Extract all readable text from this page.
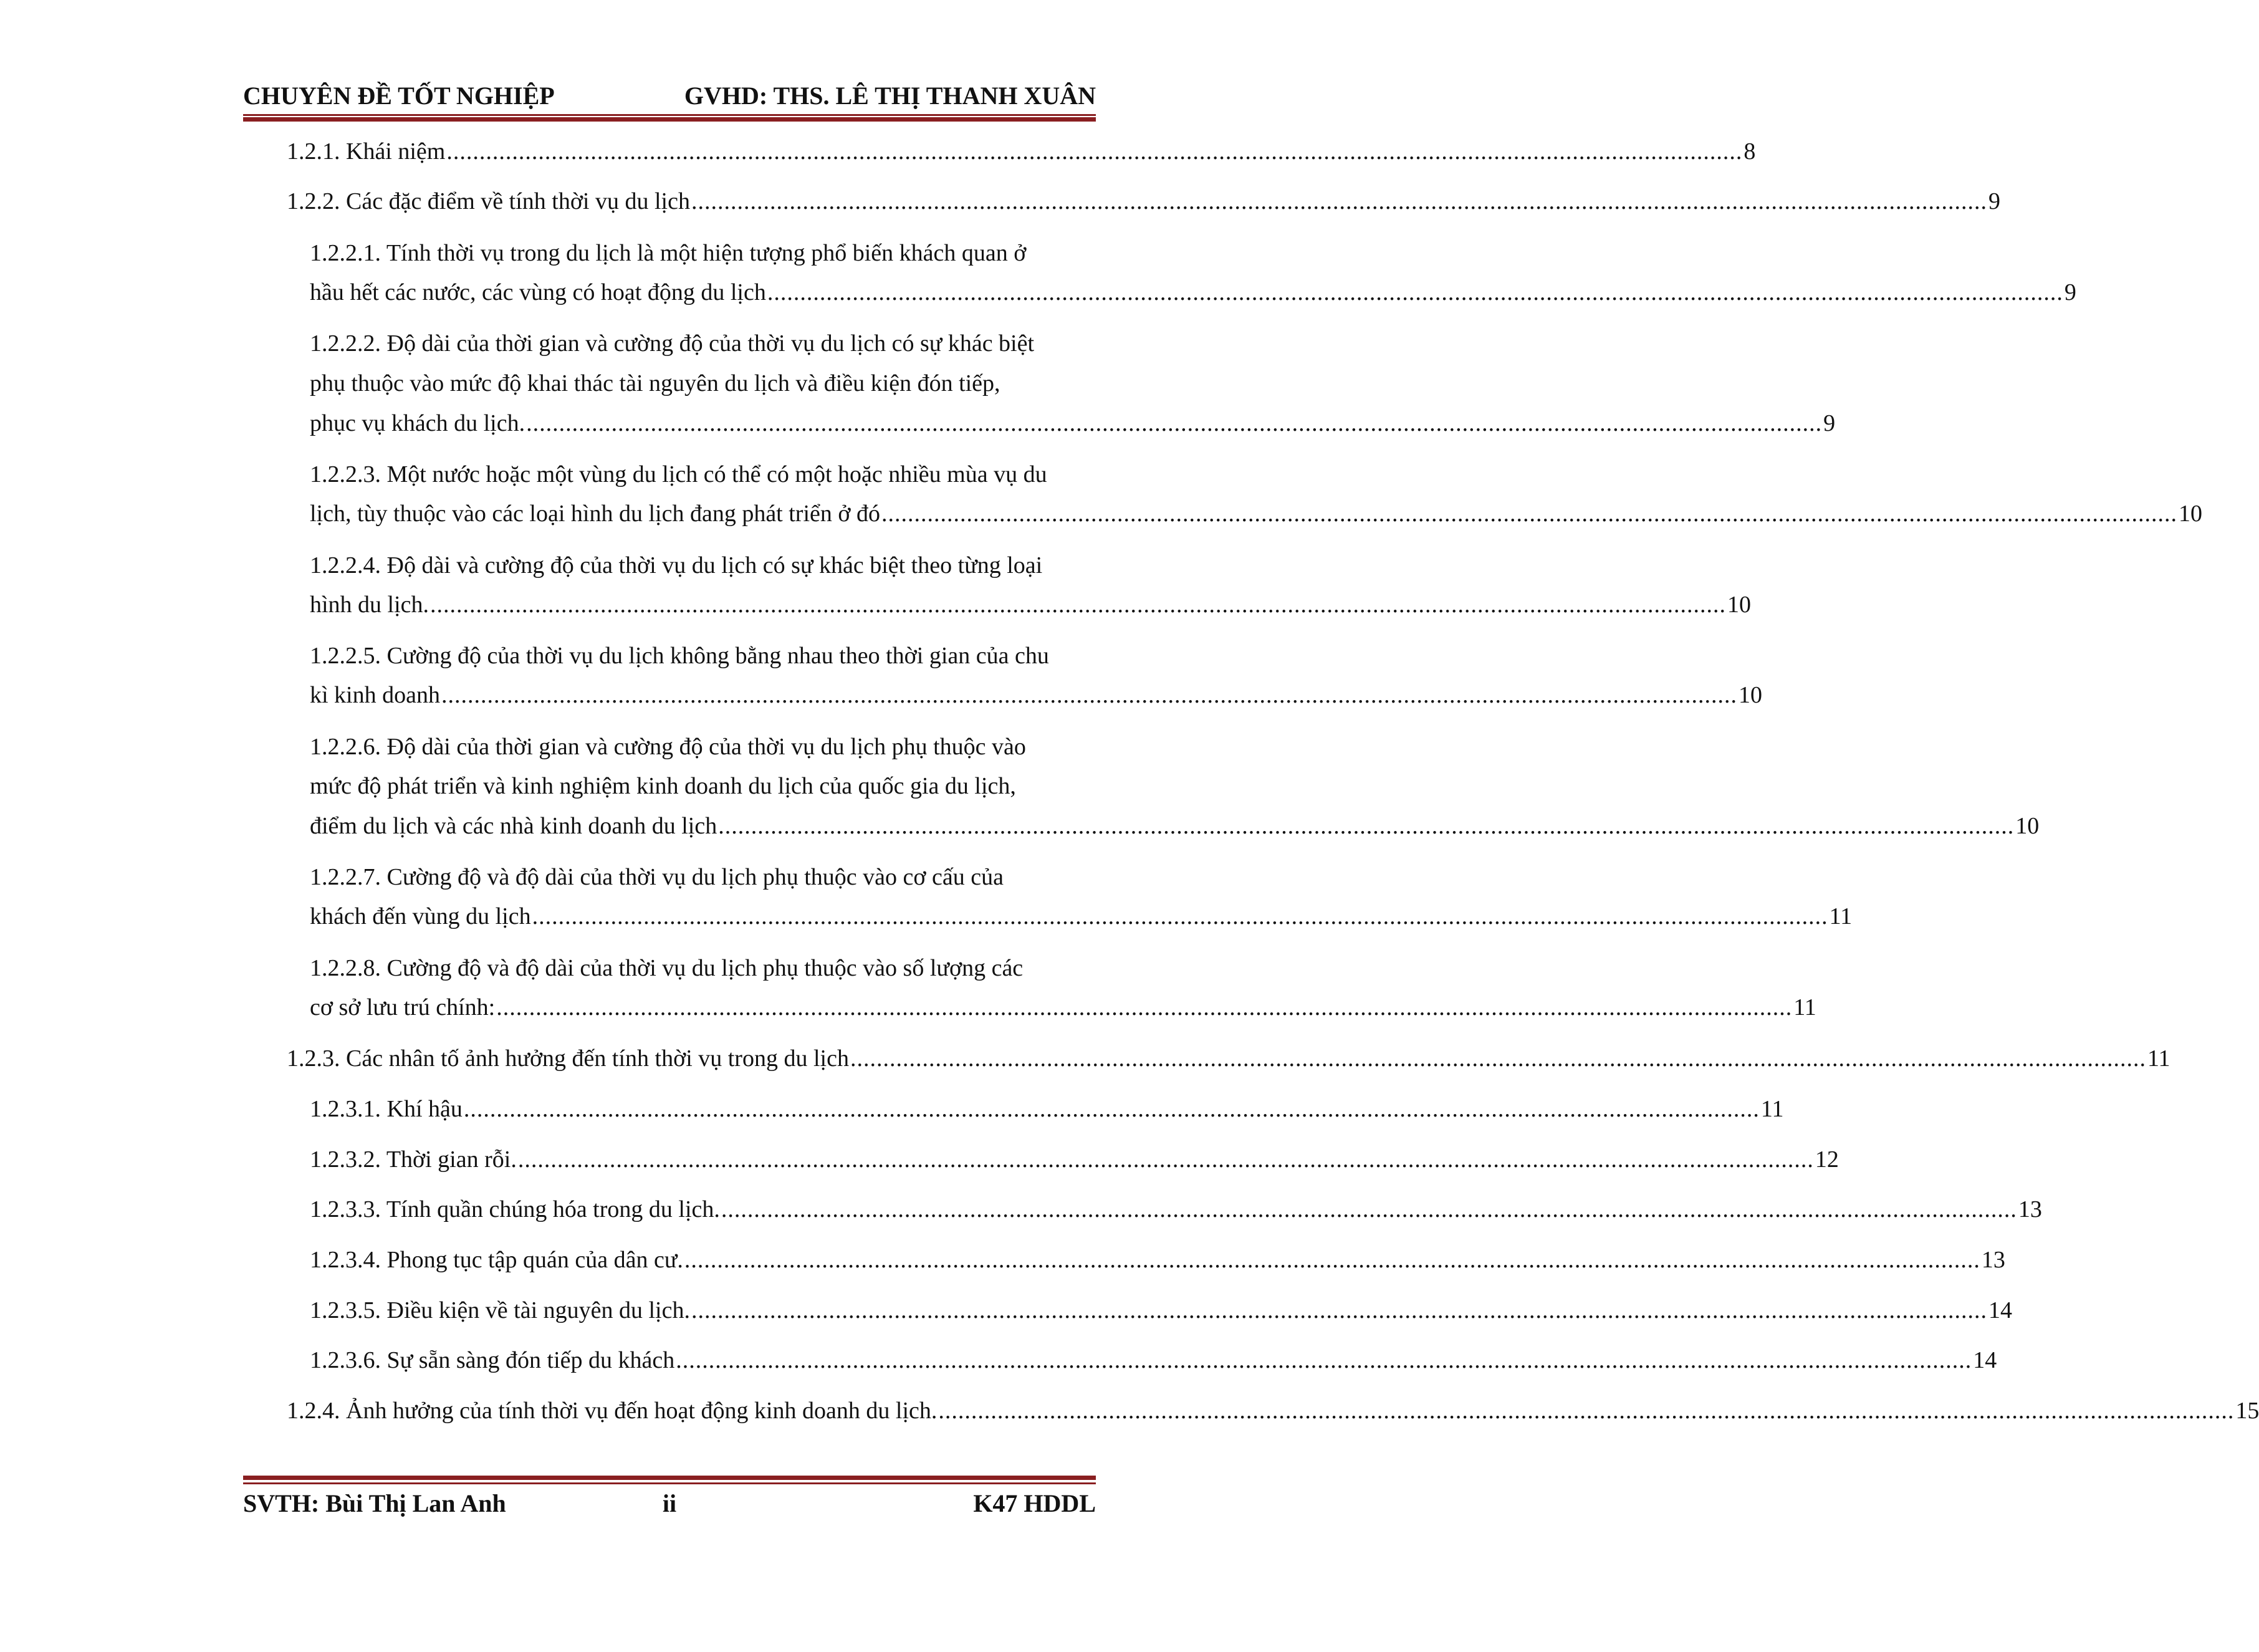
CHUYÊN ĐỀ TỐT NGHIỆP	GVHD: THS. LÊ THỊ THANH XUÂN
1.2.1. Khái niệm ...................................................................................................................................................................................................... 8
1.2.2. Các đặc điểm về tính thời vụ du lịch ...................................................................................................................................................................................................... 9
1.2.2.1. Tính thời vụ trong du lịch là một hiện tượng phổ biến khách quan ở
hầu hết các nước, các vùng có hoạt động du lịch ...................................................................................................................................................................................................... 9
1.2.2.2. Độ dài của thời gian và cường độ của thời vụ du lịch có sự khác biệt
phụ thuộc vào mức độ khai thác tài nguyên du lịch và điều kiện đón tiếp,
phục vụ khách du lịch. ...................................................................................................................................................................................................... 9
1.2.2.3. Một nước hoặc một vùng du lịch có thể có một hoặc nhiều mùa vụ du
lịch, tùy thuộc vào các loại hình du lịch đang phát triển ở đó ...................................................................................................................................................................................................... 10
1.2.2.4. Độ dài và cường độ của thời vụ du lịch có sự khác biệt theo từng loại
hình du lịch. ...................................................................................................................................................................................................... 10
1.2.2.5. Cường độ của thời vụ du lịch không bằng nhau theo thời gian của chu
kì kinh doanh ...................................................................................................................................................................................................... 10
1.2.2.6. Độ dài của thời gian và cường độ của thời vụ du lịch phụ thuộc vào
mức độ phát triển và kinh nghiệm kinh doanh du lịch của quốc gia du lịch,
điểm du lịch và các nhà kinh doanh du lịch ...................................................................................................................................................................................................... 10
1.2.2.7. Cường độ và độ dài của thời vụ du lịch phụ thuộc vào cơ cấu của
khách đến vùng du lịch ...................................................................................................................................................................................................... 11
1.2.2.8. Cường độ và độ dài của thời vụ du lịch phụ thuộc vào số lượng các
cơ sở lưu trú chính: ...................................................................................................................................................................................................... 11
1.2.3. Các nhân tố ảnh hưởng đến tính thời vụ trong du lịch ...................................................................................................................................................................................................... 11
1.2.3.1. Khí hậu ...................................................................................................................................................................................................... 11
1.2.3.2. Thời gian rỗi. ...................................................................................................................................................................................................... 12
1.2.3.3. Tính quần chúng hóa trong du lịch. ...................................................................................................................................................................................................... 13
1.2.3.4. Phong tục tập quán của dân cư. ...................................................................................................................................................................................................... 13
1.2.3.5. Điều kiện về tài nguyên du lịch. ...................................................................................................................................................................................................... 14
1.2.3.6. Sự sẵn sàng đón tiếp du khách ...................................................................................................................................................................................................... 14
1.2.4. Ảnh hưởng của tính thời vụ đến hoạt động kinh doanh du lịch. ...................................................................................................................................................................................................... 15
SVTH: Bùi Thị Lan Anh	ii	K47 HDDL
